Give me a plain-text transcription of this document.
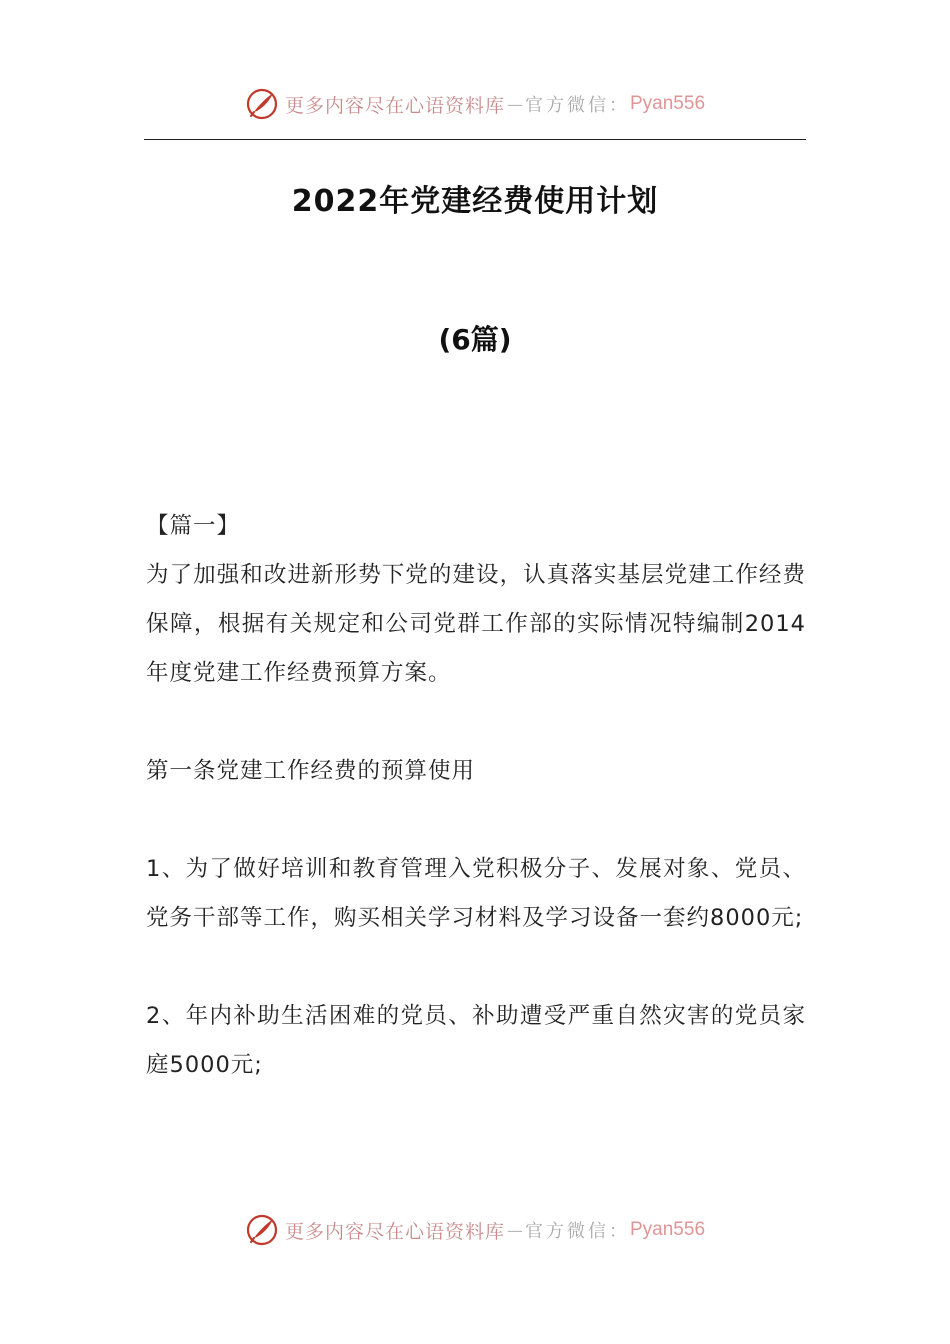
更多内容尽在心语资料库 — 官方微信： Pyan556
2022年党建经费使用计划
(6篇)

【篇一】

为了加强和改进新形势下党的建设，认真落实基层党建工作经费保障，根据有关规定和公司党群工作部的实际情况特编制2014年度党建工作经费预算方案。

第一条党建工作经费的预算使用

1、为了做好培训和教育管理入党积极分子、发展对象、党员、党务干部等工作，购买相关学习材料及学习设备一套约8000元;

2、年内补助生活困难的党员、补助遭受严重自然灾害的党员家庭5000元;

更多内容尽在心语资料库 — 官方微信： Pyan556
